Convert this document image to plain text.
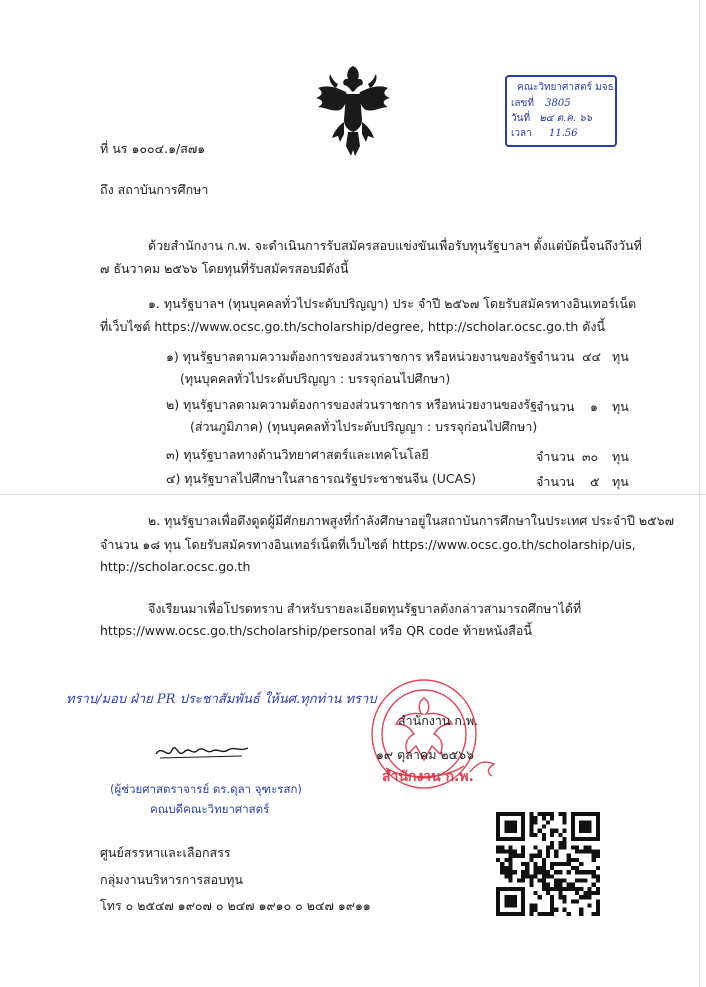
คณะวิทยาศาสตร์ มจธ.
เลขที่ 3805
วันที่ ๒๔ ต.ค. ๖๖
เวลา 11.56
ที่ นร ๑๐๐๔.๑/ส๗๑
ถึง สถาบันการศึกษา
ด้วยสำนักงาน ก.พ. จะดำเนินการรับสมัครสอบแข่งขันเพื่อรับทุนรัฐบาลฯ ตั้งแต่บัดนี้จนถึงวันที่
๗ ธันวาคม ๒๕๖๖ โดยทุนที่รับสมัครสอบมีดังนี้
๑. ทุนรัฐบาลฯ (ทุนบุคคลทั่วไประดับปริญญา) ประ จำปี ๒๕๖๗ โดยรับสมัครทางอินเทอร์เน็ต
ที่เว็บไซต์ https://www.ocsc.go.th/scholarship/degree, http://scholar.ocsc.go.th ดังนี้
๑) ทุนรัฐบาลตามความต้องการของส่วนราชการ หรือหน่วยงานของรัฐ
(ทุนบุคคลทั่วไประดับปริญญา : บรรจุก่อนไปศึกษา)
จำนวน ๔๔ ทุน
๒) ทุนรัฐบาลตามความต้องการของส่วนราชการ หรือหน่วยงานของรัฐ
(ส่วนภูมิภาค) (ทุนบุคคลทั่วไประดับปริญญา : บรรจุก่อนไปศึกษา)
จำนวน ๑ ทุน
๓) ทุนรัฐบาลทางด้านวิทยาศาสตร์และเทคโนโลยี	จำนวน ๓๐ ทุน
๔) ทุนรัฐบาลไปศึกษาในสาธารณรัฐประชาชนจีน (UCAS)	จำนวน ๕ ทุน
๒. ทุนรัฐบาลเพื่อดึงดูดผู้มีศักยภาพสูงที่กำลังศึกษาอยู่ในสถาบันการศึกษาในประเทศ ประจำปี ๒๕๖๗
จำนวน ๑๘ ทุน โดยรับสมัครทางอินเทอร์เน็ตที่เว็บไซต์ https://www.ocsc.go.th/scholarship/uis,
http://scholar.ocsc.go.th
จึงเรียนมาเพื่อโปรดทราบ สำหรับรายละเอียดทุนรัฐบาลดังกล่าวสามารถศึกษาได้ที่
https://www.ocsc.go.th/scholarship/personal หรือ QR code ท้ายหนังสือนี้
ทราบ/มอบ ฝ่าย PR ประชาสัมพันธ์ ให้นศ.ทุกท่าน ทราบ
สำนักงาน ก.พ.
๑๙ ตุลาคม ๒๕๖๖
สำนักงาน ก.พ.
(ผู้ช่วยศาสตราจารย์ ดร.ดุลา จุฑะรสก)
คณบดีคณะวิทยาศาสตร์
ศูนย์สรรหาและเลือกสรร
กลุ่มงานบริหารการสอบทุน
โทร ๐ ๒๕๔๗ ๑๙๐๗ ๐ ๒๔๗ ๑๙๑๐ ๐ ๒๔๗ ๑๙๑๑
